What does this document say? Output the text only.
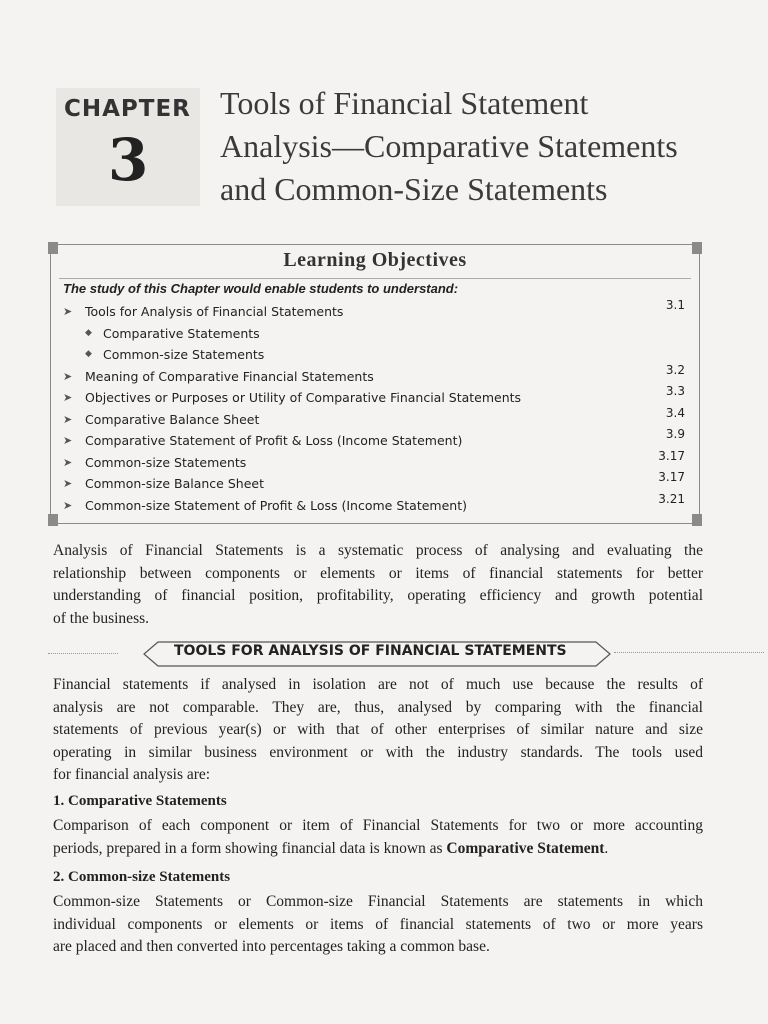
CHAPTER
3
Tools of Financial Statement
Analysis—Comparative Statements
and Common-Size Statements
Learning Objectives
The study of this Chapter would enable students to understand:
➤ Tools for Analysis of Financial Statements	3.1
◆ Comparative Statements
◆ Common-size Statements
➤ Meaning of Comparative Financial Statements	3.2
➤ Objectives or Purposes or Utility of Comparative Financial Statements	3.3
➤ Comparative Balance Sheet	3.4
➤ Comparative Statement of Profit & Loss (Income Statement)	3.9
➤ Common-size Statements	3.17
➤ Common-size Balance Sheet	3.17
➤ Common-size Statement of Profit & Loss (Income Statement)	3.21
Analysis of Financial Statements is a systematic process of analysing and evaluating the
relationship between components or elements or items of financial statements for better
understanding of financial position, profitability, operating efficiency and growth potential
of the business.
TOOLS FOR ANALYSIS OF FINANCIAL STATEMENTS
Financial statements if analysed in isolation are not of much use because the results of
analysis are not comparable. They are, thus, analysed by comparing with the financial
statements of previous year(s) or with that of other enterprises of similar nature and size
operating in similar business environment or with the industry standards. The tools used
for financial analysis are:
1. Comparative Statements
Comparison of each component or item of Financial Statements for two or more accounting
periods, prepared in a form showing financial data is known as Comparative Statement.
2. Common-size Statements
Common-size Statements or Common-size Financial Statements are statements in which
individual components or elements or items of financial statements of two or more years
are placed and then converted into percentages taking a common base.
